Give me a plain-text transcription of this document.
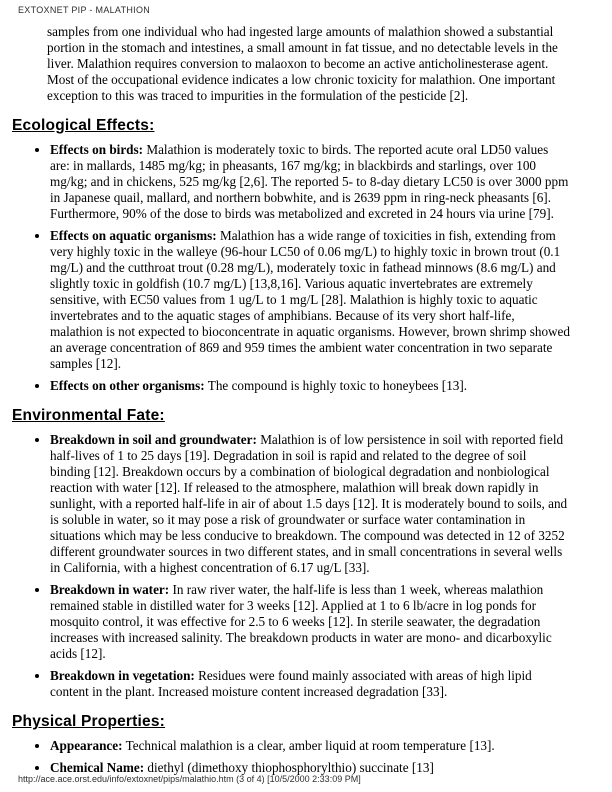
EXTOXNET PIP - MALATHION

samples from one individual who had ingested large amounts of malathion showed a substantial portion in the stomach and intestines, a small amount in fat tissue, and no detectable levels in the liver. Malathion requires conversion to malaoxon to become an active anticholinesterase agent. Most of the occupational evidence indicates a low chronic toxicity for malathion. One important exception to this was traced to impurities in the formulation of the pesticide [2].

Ecological Effects:
• Effects on birds: Malathion is moderately toxic to birds. The reported acute oral LD50 values are: in mallards, 1485 mg/kg; in pheasants, 167 mg/kg; in blackbirds and starlings, over 100 mg/kg; and in chickens, 525 mg/kg [2,6]. The reported 5- to 8-day dietary LC50 is over 3000 ppm in Japanese quail, mallard, and northern bobwhite, and is 2639 ppm in ring-neck pheasants [6]. Furthermore, 90% of the dose to birds was metabolized and excreted in 24 hours via urine [79].
• Effects on aquatic organisms: Malathion has a wide range of toxicities in fish, extending from very highly toxic in the walleye (96-hour LC50 of 0.06 mg/L) to highly toxic in brown trout (0.1 mg/L) and the cutthroat trout (0.28 mg/L), moderately toxic in fathead minnows (8.6 mg/L) and slightly toxic in goldfish (10.7 mg/L) [13,8,16]. Various aquatic invertebrates are extremely sensitive, with EC50 values from 1 ug/L to 1 mg/L [28]. Malathion is highly toxic to aquatic invertebrates and to the aquatic stages of amphibians. Because of its very short half-life, malathion is not expected to bioconcentrate in aquatic organisms. However, brown shrimp showed an average concentration of 869 and 959 times the ambient water concentration in two separate samples [12].
• Effects on other organisms: The compound is highly toxic to honeybees [13].
Environmental Fate:
• Breakdown in soil and groundwater: Malathion is of low persistence in soil with reported field half-lives of 1 to 25 days [19]. Degradation in soil is rapid and related to the degree of soil binding [12]. Breakdown occurs by a combination of biological degradation and nonbiological reaction with water [12]. If released to the atmosphere, malathion will break down rapidly in sunlight, with a reported half-life in air of about 1.5 days [12]. It is moderately bound to soils, and is soluble in water, so it may pose a risk of groundwater or surface water contamination in situations which may be less conducive to breakdown. The compound was detected in 12 of 3252 different groundwater sources in two different states, and in small concentrations in several wells in California, with a highest concentration of 6.17 ug/L [33].
• Breakdown in water: In raw river water, the half-life is less than 1 week, whereas malathion remained stable in distilled water for 3 weeks [12]. Applied at 1 to 6 lb/acre in log ponds for mosquito control, it was effective for 2.5 to 6 weeks [12]. In sterile seawater, the degradation increases with increased salinity. The breakdown products in water are mono- and dicarboxylic acids [12].
• Breakdown in vegetation: Residues were found mainly associated with areas of high lipid content in the plant. Increased moisture content increased degradation [33].
Physical Properties:
• Appearance: Technical malathion is a clear, amber liquid at room temperature [13].
• Chemical Name: diethyl (dimethoxy thiophosphorylthio) succinate [13]
http://ace.ace.orst.edu/info/extoxnet/pips/malathio.htm (3 of 4) [10/5/2000 2:33:09 PM]
